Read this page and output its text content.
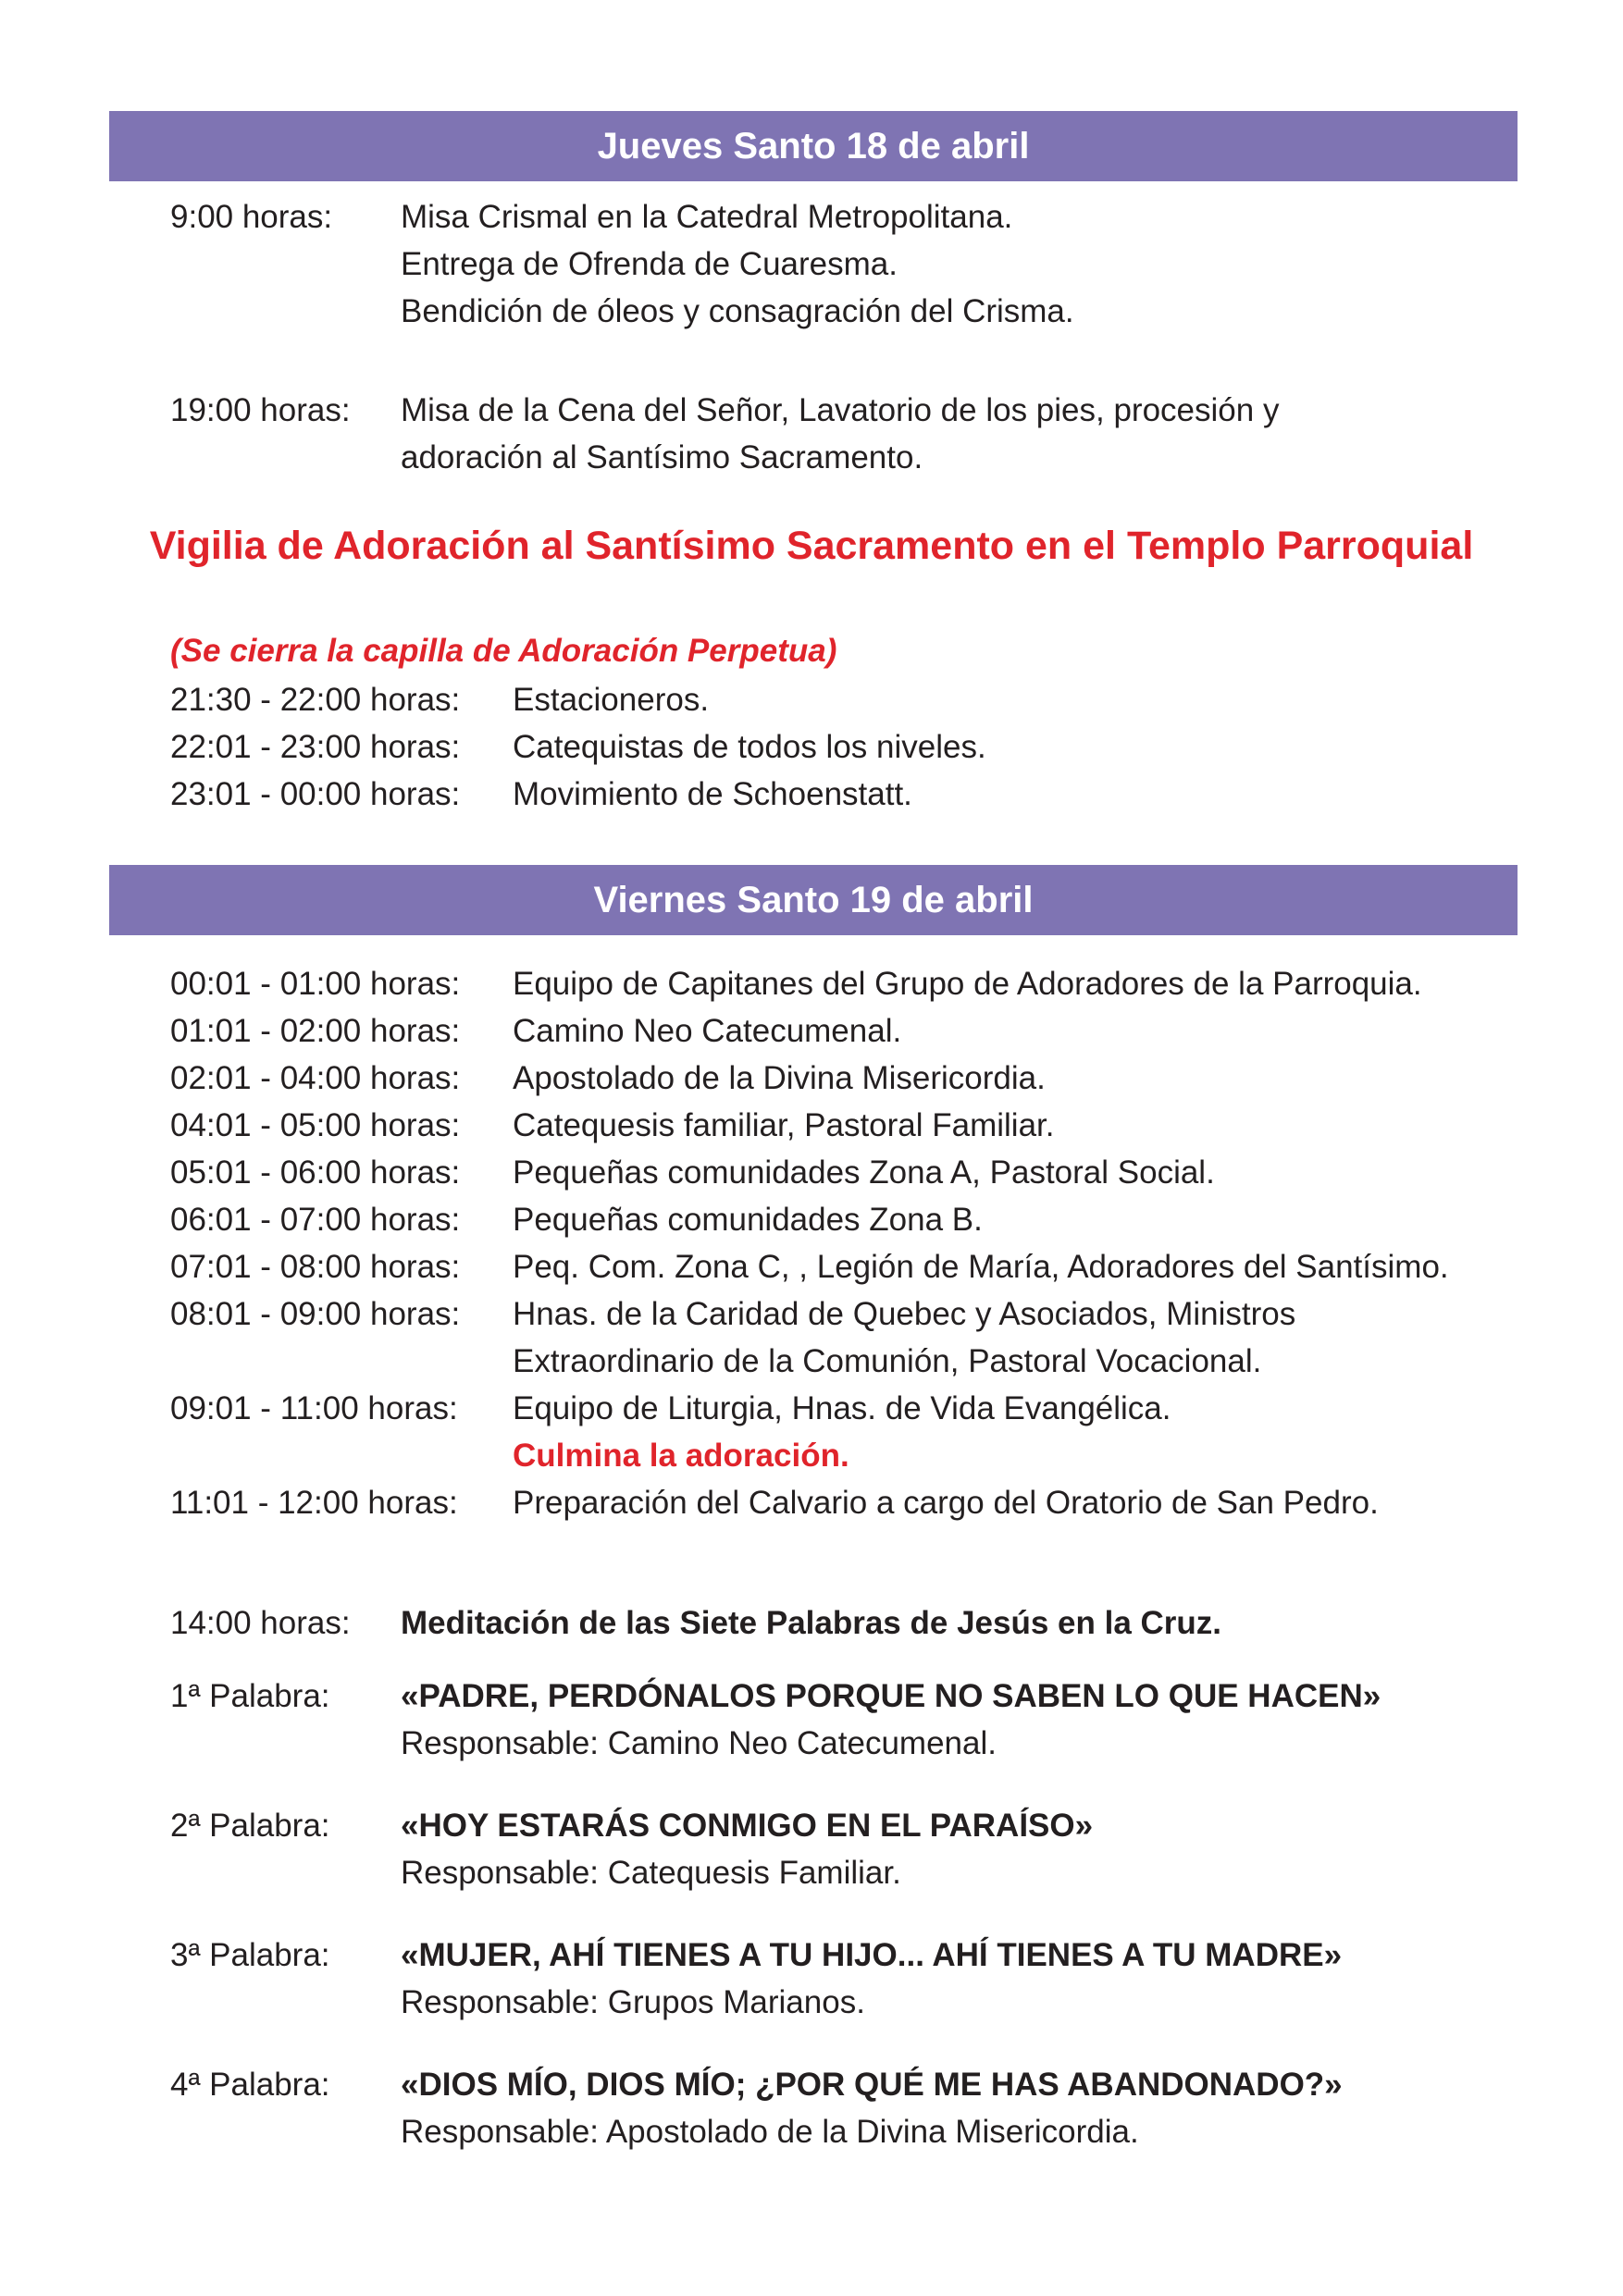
Jueves Santo 18 de abril
9:00 horas: Misa Crismal en la Catedral Metropolitana.
Entrega de Ofrenda de Cuaresma.
Bendición de óleos y consagración del Crisma.
19:00 horas: Misa de la Cena del Señor, Lavatorio de los pies, procesión y
adoración al Santísimo Sacramento.
Vigilia de Adoración al Santísimo Sacramento en el Templo Parroquial
(Se cierra la capilla de Adoración Perpetua)
21:30 - 22:00 horas: Estacioneros.
22:01 - 23:00 horas: Catequistas de todos los niveles.
23:01 - 00:00 horas: Movimiento de Schoenstatt.
Viernes Santo 19 de abril
00:01 - 01:00 horas: Equipo de Capitanes del Grupo de Adoradores de la Parroquia.
01:01 - 02:00 horas: Camino Neo Catecumenal.
02:01 - 04:00 horas: Apostolado de la Divina Misericordia.
04:01 - 05:00 horas: Catequesis familiar, Pastoral Familiar.
05:01 - 06:00 horas: Pequeñas comunidades Zona A, Pastoral Social.
06:01 - 07:00 horas: Pequeñas comunidades Zona B.
07:01 - 08:00 horas: Peq. Com. Zona C, , Legión de María, Adoradores del Santísimo.
08:01 - 09:00 horas: Hnas. de la Caridad de Quebec y Asociados, Ministros
Extraordinario de la Comunión, Pastoral Vocacional.
09:01 - 11:00 horas: Equipo de Liturgia, Hnas. de Vida Evangélica.
Culmina la adoración.
11:01 - 12:00 horas: Preparación del Calvario a cargo del Oratorio de San Pedro.
14:00 horas: Meditación de las Siete Palabras de Jesús en la Cruz.
1ª Palabra: «PADRE, PERDÓNALOS PORQUE NO SABEN LO QUE HACEN»
Responsable: Camino Neo Catecumenal.
2ª Palabra: «HOY ESTARÁS CONMIGO EN EL PARAÍSO»
Responsable: Catequesis Familiar.
3ª Palabra: «MUJER, AHÍ TIENES A TU HIJO... AHÍ TIENES A TU MADRE»
Responsable: Grupos Marianos.
4ª Palabra: «DIOS MÍO, DIOS MÍO; ¿POR QUÉ ME HAS ABANDONADO?»
Responsable: Apostolado de la Divina Misericordia.
